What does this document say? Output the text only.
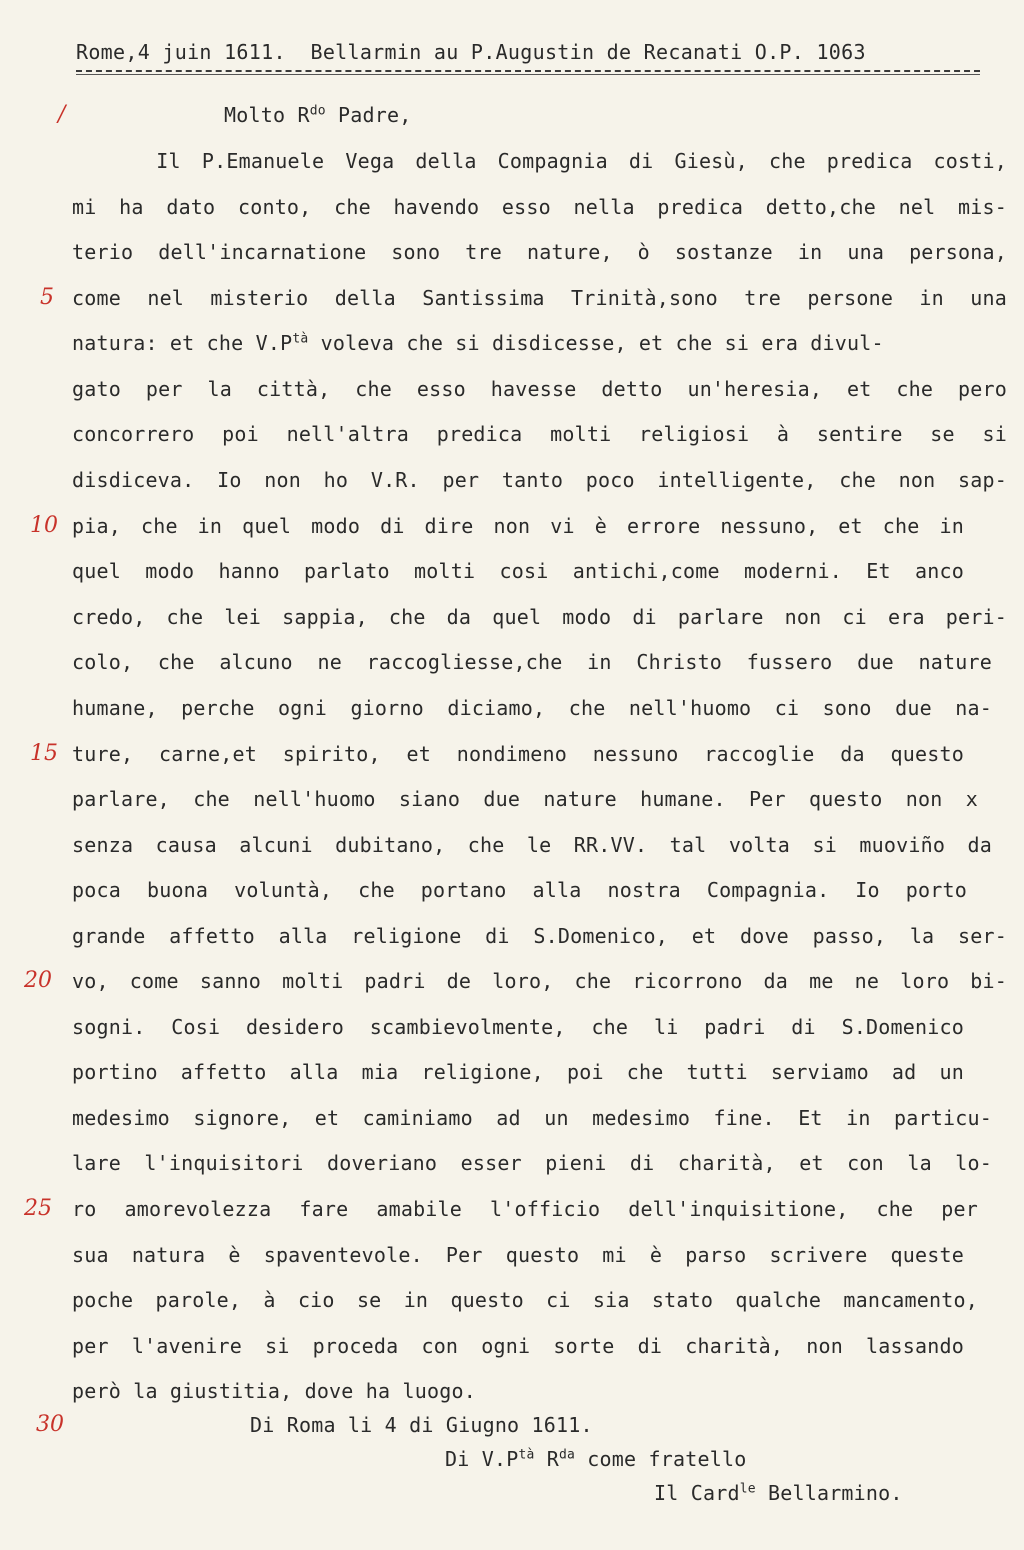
Rome,4 juin 1611.  Bellarmin au P.Augustin de Recanati O.P. 1063
/
5
10
15
20
25
30
Molto $R^{do}$ Padre,
Il P.Emanuele Vega della Compagnia di Giesù, che predica costi,
mi ha dato conto, che havendo esso nella predica detto,che nel mis-
terio dell'incarnatione sono tre nature, ò sostanze in una persona,
come nel misterio della Santissima Trinità,sono tre persone in una
natura: et che $V.P^{tà}$ voleva che si disdicesse, et che si era divul-
gato per la città, che esso havesse detto un'heresia, et che pero
concorrero poi nell'altra predica molti religiosi à sentire se si
disdiceva. Io non ho V.R. per tanto poco intelligente, che non sap-
pia, che in quel modo di dire non vi è errore nessuno, et che in
quel modo hanno parlato molti cosi antichi,come moderni. Et anco
credo, che lei sappia, che da quel modo di parlare non ci era peri-
colo, che alcuno ne raccogliesse,che in Christo fussero due nature
humane, perche ogni giorno diciamo, che nell'huomo ci sono due na-
ture, carne,et spirito, et nondimeno nessuno raccoglie da questo
parlare, che nell'huomo siano due nature humane. Per questo non x
senza causa alcuni dubitano, che le RR.VV. tal volta si muoviño da
poca buona voluntà, che portano alla nostra Compagnia. Io porto
grande affetto alla religione di S.Domenico, et dove passo, la ser-
vo, come sanno molti padri de loro, che ricorrono da me ne loro bi-
sogni. Cosi desidero scambievolmente, che li padri di S.Domenico
portino affetto alla mia religione, poi che tutti serviamo ad un
medesimo signore, et caminiamo ad un medesimo fine. Et in particu-
lare l'inquisitori doveriano esser pieni di charità, et con la lo-
ro amorevolezza fare amabile l'officio dell'inquisitione, che per
sua natura è spaventevole. Per questo mi è parso scrivere queste
poche parole, à cio se in questo ci sia stato qualche mancamento,
per l'avenire si proceda con ogni sorte di charità, non lassando
però la giustitia, dove ha luogo.
Di Roma li 4 di Giugno 1611.
Di $V.P^{tà}$ $R^{da}$ come fratello
Il Card$^{le}$ Bellarmino.
